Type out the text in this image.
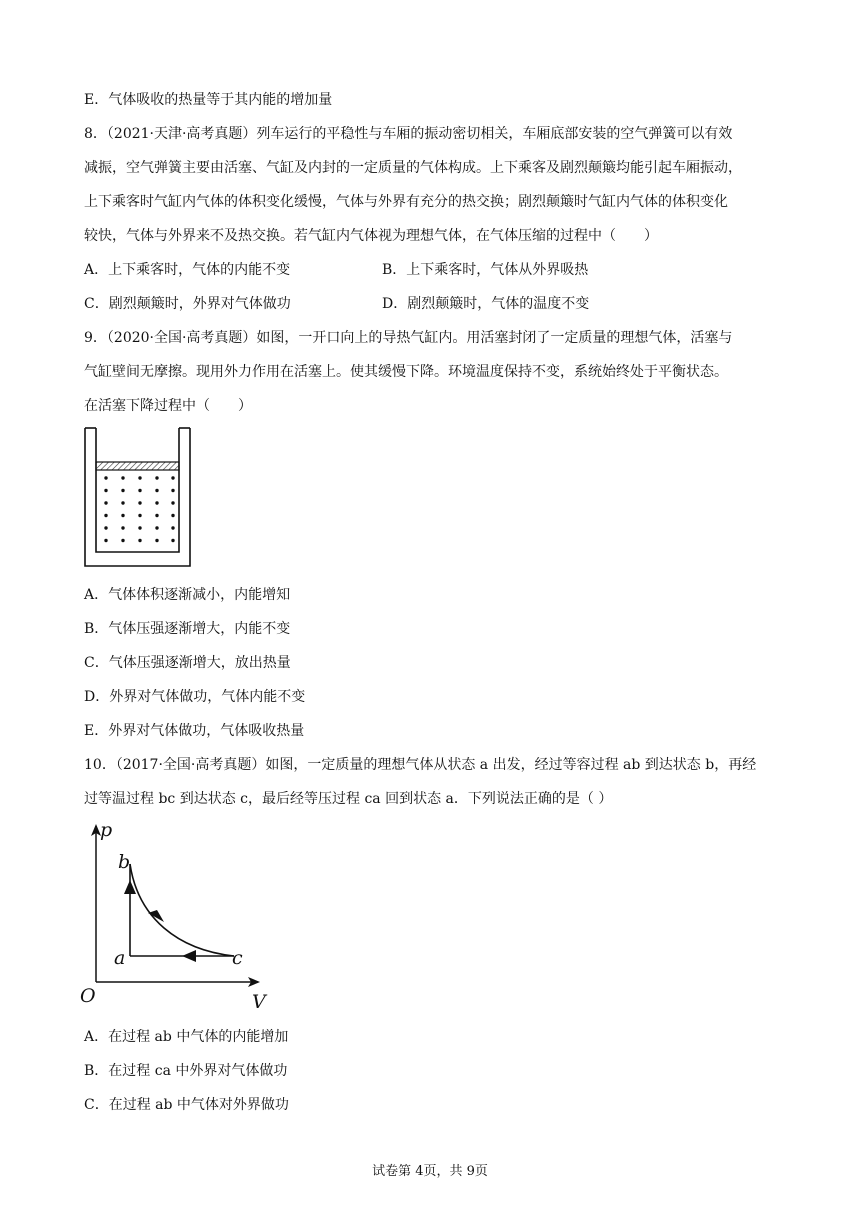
E．气体吸收的热量等于其内能的增加量
8．（2021·天津·高考真题）列车运行的平稳性与车厢的振动密切相关，车厢底部安装的空气弹簧可以有效
减振，空气弹簧主要由活塞、气缸及内封的一定质量的气体构成。上下乘客及剧烈颠簸均能引起车厢振动，
上下乘客时气缸内气体的体积变化缓慢，气体与外界有充分的热交换；剧烈颠簸时气缸内气体的体积变化
较快，气体与外界来不及热交换。若气缸内气体视为理想气体，在气体压缩的过程中（　　）
A．上下乘客时，气体的内能不变	B．上下乘客时，气体从外界吸热
C．剧烈颠簸时，外界对气体做功	D．剧烈颠簸时，气体的温度不变
9．（2020·全国·高考真题）如图，一开口向上的导热气缸内。用活塞封闭了一定质量的理想气体，活塞与
气缸壁间无摩擦。现用外力作用在活塞上。使其缓慢下降。环境温度保持不变，系统始终处于平衡状态。
在活塞下降过程中（　　）
A．气体体积逐渐减小，内能增知
B．气体压强逐渐增大，内能不变
C．气体压强逐渐增大，放出热量
D．外界对气体做功，气体内能不变
E．外界对气体做功，气体吸收热量
10．（2017·全国·高考真题）如图，一定质量的理想气体从状态 a 出发，经过等容过程 ab 到达状态 b，再经
过等温过程 bc 到达状态 c，最后经等压过程 ca 回到状态 a．下列说法正确的是（ ）
p
V
O
a
b
c
A．在过程 ab 中气体的内能增加
B．在过程 ca 中外界对气体做功
C．在过程 ab 中气体对外界做功
试卷第 4页，共 9页
